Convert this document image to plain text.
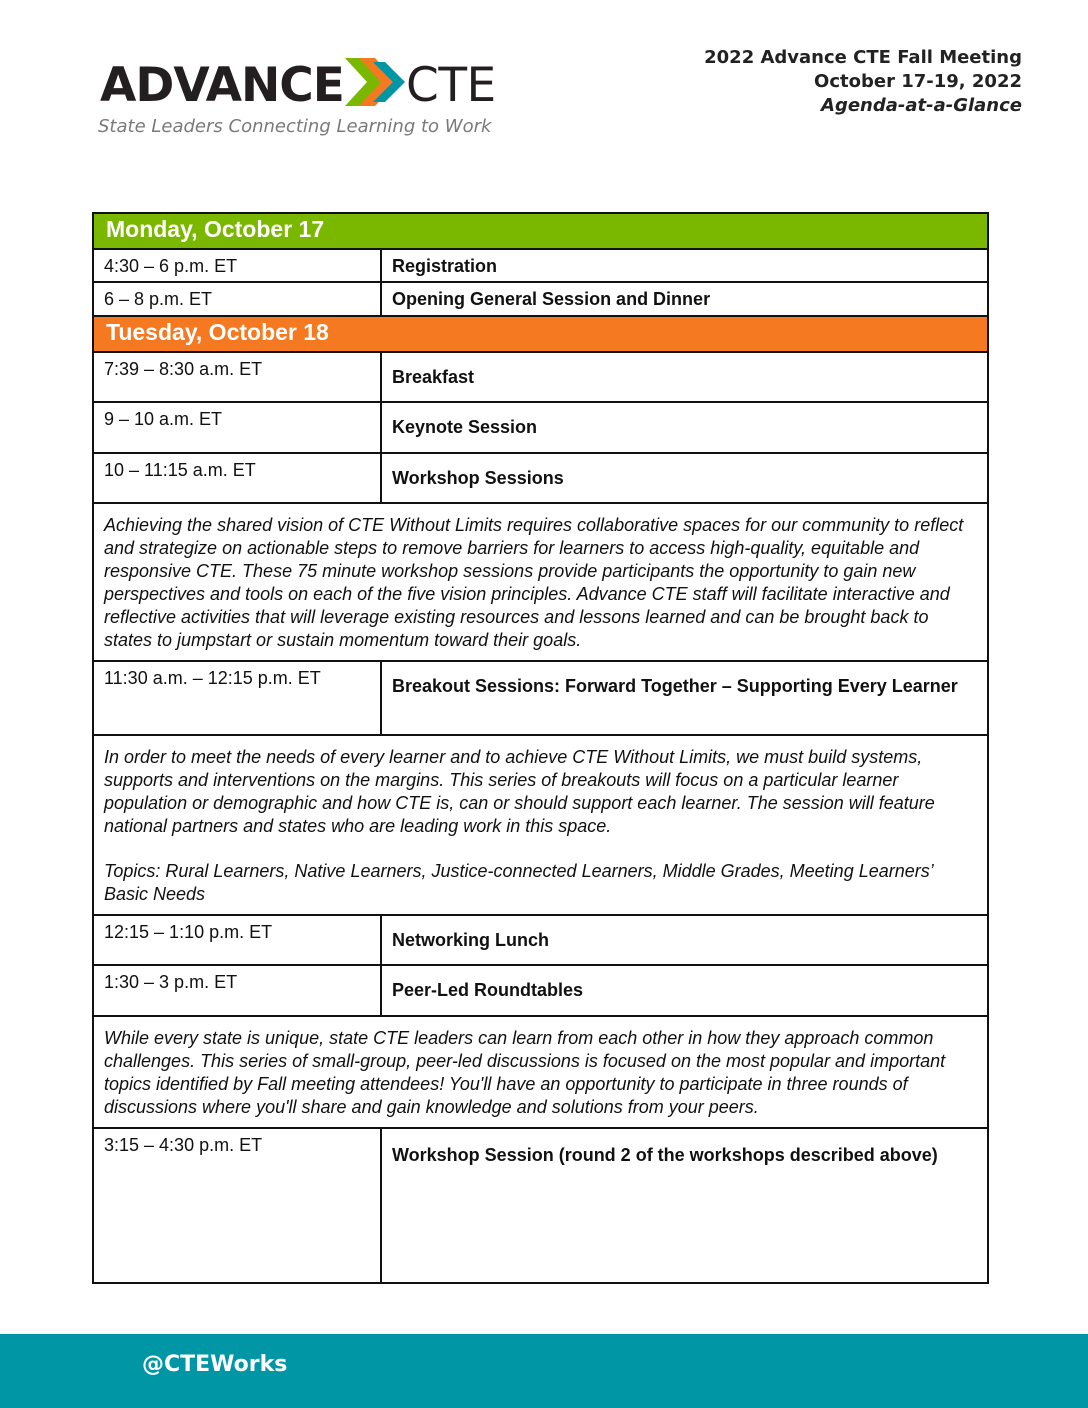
ADVANCE CTE
State Leaders Connecting Learning to Work
2022 Advance CTE Fall Meeting
October 17-19, 2022
Agenda-at-a-Glance
Monday, October 17	
4:30 – 6 p.m. ET	Registration
6 – 8 p.m. ET	Opening General Session and Dinner
Tuesday, October 18	
7:39 – 8:30 a.m. ET	Breakfast
9 – 10 a.m. ET	Keynote Session
10 – 11:15 a.m. ET	Workshop Sessions

Achieving the shared vision of CTE Without Limits requires collaborative spaces for our community to reflect and strategize on actionable steps to remove barriers for learners to access high-quality, equitable and responsive CTE. These 75 minute workshop sessions provide participants the opportunity to gain new perspectives and tools on each of the five vision principles. Advance CTE staff will facilitate interactive and reflective activities that will leverage existing resources and lessons learned and can be brought back to states to jumpstart or sustain momentum toward their goals.	

11:30 a.m. – 12:15 p.m. ET	Breakout Sessions: Forward Together – Supporting Every Learner

In order to meet the needs of every learner and to achieve CTE Without Limits, we must build systems, supports and interventions on the margins. This series of breakouts will focus on a particular learner population or demographic and how CTE is, can or should support each learner. The session will feature national partners and states who are leading work in this space.

Topics: Rural Learners, Native Learners, Justice-connected Learners, Middle Grades, Meeting Learners’ Basic Needs	

12:15 – 1:10 p.m. ET	Networking Lunch
1:30 – 3 p.m. ET	Peer-Led Roundtables

While every state is unique, state CTE leaders can learn from each other in how they approach common challenges. This series of small-group, peer-led discussions is focused on the most popular and important topics identified by Fall meeting attendees! You'll have an opportunity to participate in three rounds of discussions where you'll share and gain knowledge and solutions from your peers.	

3:15 – 4:30 p.m. ET	Workshop Session (round 2 of the workshops described above)
@CTEWorks
